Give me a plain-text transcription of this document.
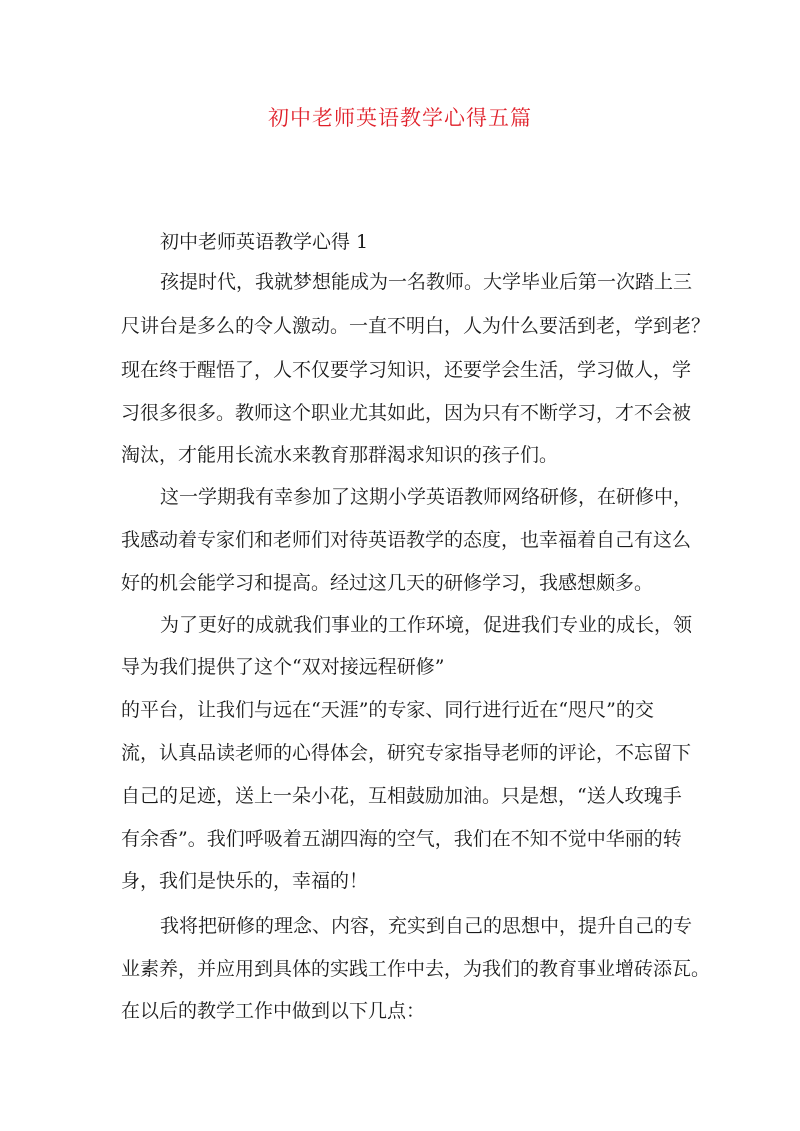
初中老师英语教学心得五篇
初中老师英语教学心得 1
孩提时代，我就梦想能成为一名教师。大学毕业后第一次踏上三
尺讲台是多么的令人激动。一直不明白，人为什么要活到老，学到老？
现在终于醒悟了，人不仅要学习知识，还要学会生活，学习做人，学
习很多很多。教师这个职业尤其如此，因为只有不断学习，才不会被
淘汰，才能用长流水来教育那群渴求知识的孩子们。
这一学期我有幸参加了这期小学英语教师网络研修，在研修中，
我感动着专家们和老师们对待英语教学的态度，也幸福着自己有这么
好的机会能学习和提高。经过这几天的研修学习，我感想颇多。
为了更好的成就我们事业的工作环境，促进我们专业的成长，领
导为我们提供了这个“双对接远程研修”
的平台，让我们与远在“天涯”的专家、同行进行近在“咫尺”的交
流，认真品读老师的心得体会，研究专家指导老师的评论，不忘留下
自己的足迹，送上一朵小花，互相鼓励加油。只是想，“送人玫瑰手
有余香”。我们呼吸着五湖四海的空气，我们在不知不觉中华丽的转
身，我们是快乐的，幸福的！
我将把研修的理念、内容，充实到自己的思想中，提升自己的专
业素养，并应用到具体的实践工作中去，为我们的教育事业增砖添瓦。
在以后的教学工作中做到以下几点：
